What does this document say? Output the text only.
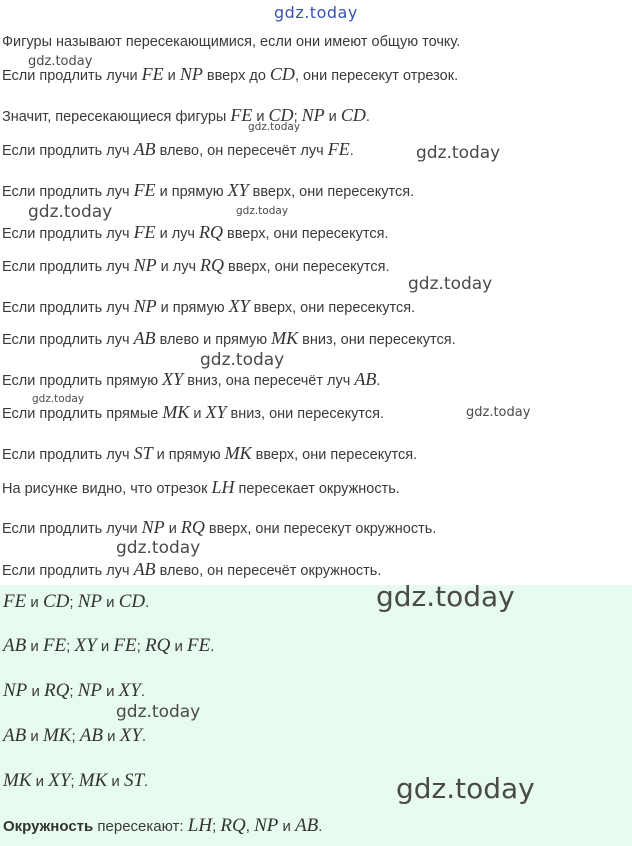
Фигуры называют пересекающимися, если они имеют общую точку.
Если продлить лучи FE и NP вверх до CD, они пересекут отрезок.
Значит, пересекающиеся фигуры FE и CD; NP и CD.
Если продлить луч AB влево, он пересечёт луч FE.
Если продлить луч FE и прямую XY вверх, они пересекутся.
Если продлить луч FE и луч RQ вверх, они пересекутся.
Если продлить луч NP и луч RQ вверх, они пересекутся.
Если продлить луч NP и прямую XY вверх, они пересекутся.
Если продлить луч AB влево и прямую MK вниз, они пересекутся.
Если продлить прямую XY вниз, она пересечёт луч AB.
Если продлить прямые MK и XY вниз, они пересекутся.
Если продлить луч ST и прямую MK вверх, они пересекутся.
На рисунке видно, что отрезок LH пересекает окружность.
Если продлить лучи NP и RQ вверх, они пересекут окружность.
Если продлить луч AB влево, он пересечёт окружность.
FE и CD; NP и CD.
AB и FE; XY и FE; RQ и FE.
NP и RQ; NP и XY.
AB и MK; AB и XY.
MK и XY; MK и ST.
Окружность пересекают: LH; RQ, NP и AB.
gdz.today
gdz.today
gdz.today
gdz.today
gdz.today	gdz.today
gdz.today
gdz.today
gdz.today
gdz.today
gdz.today
gdz.today
gdz.today
gdz.today
